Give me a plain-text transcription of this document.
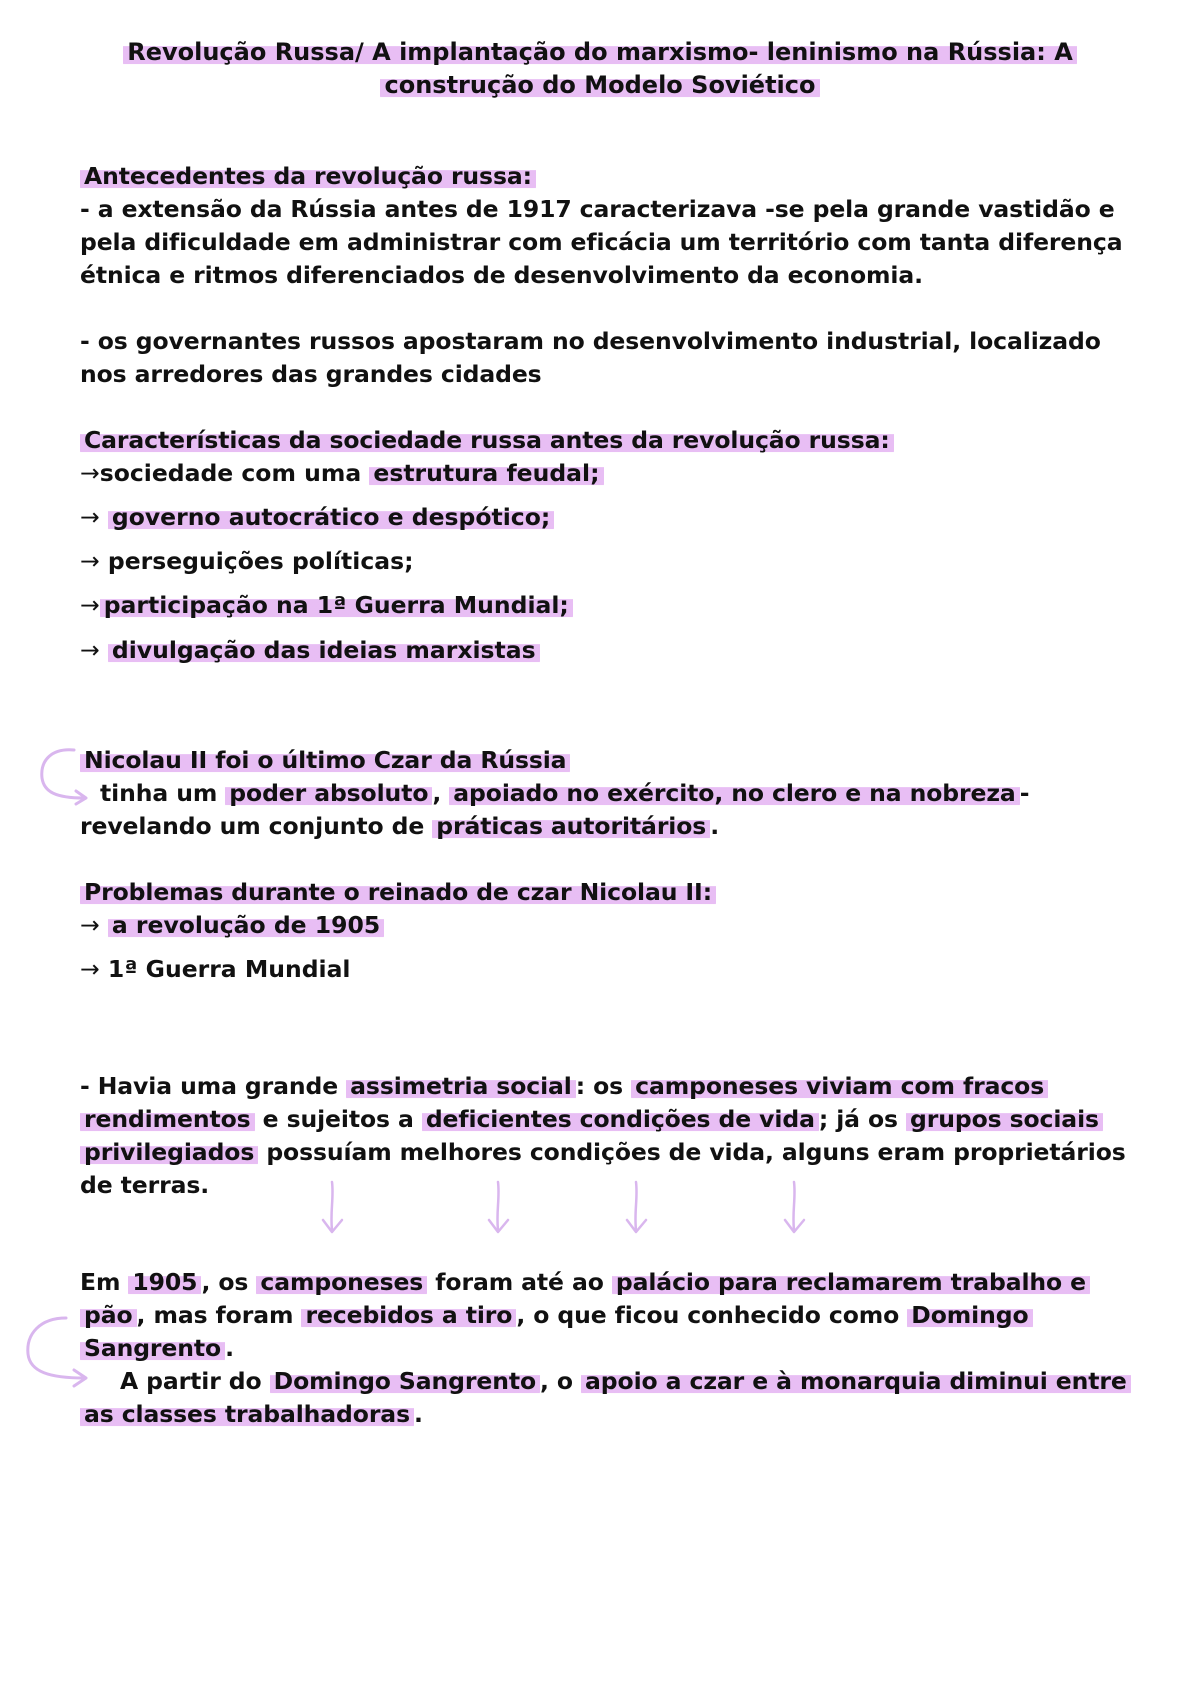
Revolução Russa/ A implantação do marxismo- leninismo na Rússia: A
construção do Modelo Soviético
Antecedentes da revolução russa:
- a extensão da Rússia antes de 1917 caracterizava -se pela grande vastidão e
pela dificuldade em administrar com eficácia um território com tanta diferença
étnica e ritmos diferenciados de desenvolvimento da economia.
- os governantes russos apostaram no desenvolvimento industrial, localizado
nos arredores das grandes cidades
Características da sociedade russa antes da revolução russa:
→sociedade com uma estrutura feudal;
→ governo autocrático e despótico;
→ perseguições políticas;
→ participação na 1ª Guerra Mundial;
→ divulgação das ideias marxistas
Nicolau II foi o último Czar da Rússia
tinha um poder absoluto , apoiado no exército, no clero e na nobreza -
revelando um conjunto de práticas autoritários .
Problemas durante o reinado de czar Nicolau II:
→ a revolução de 1905
→ 1ª Guerra Mundial
- Havia uma grande assimetria social : os camponeses viviam com fracos
rendimentos e sujeitos a deficientes condições de vida ; já os grupos sociais
privilegiados possuíam melhores condições de vida, alguns eram proprietários
de terras.
Em 1905 , os camponeses foram até ao palácio para reclamarem trabalho e
pão , mas foram recebidos a tiro , o que ficou conhecido como Domingo
Sangrento .
A partir do Domingo Sangrento , o apoio a czar e à monarquia diminui entre
as classes trabalhadoras .
